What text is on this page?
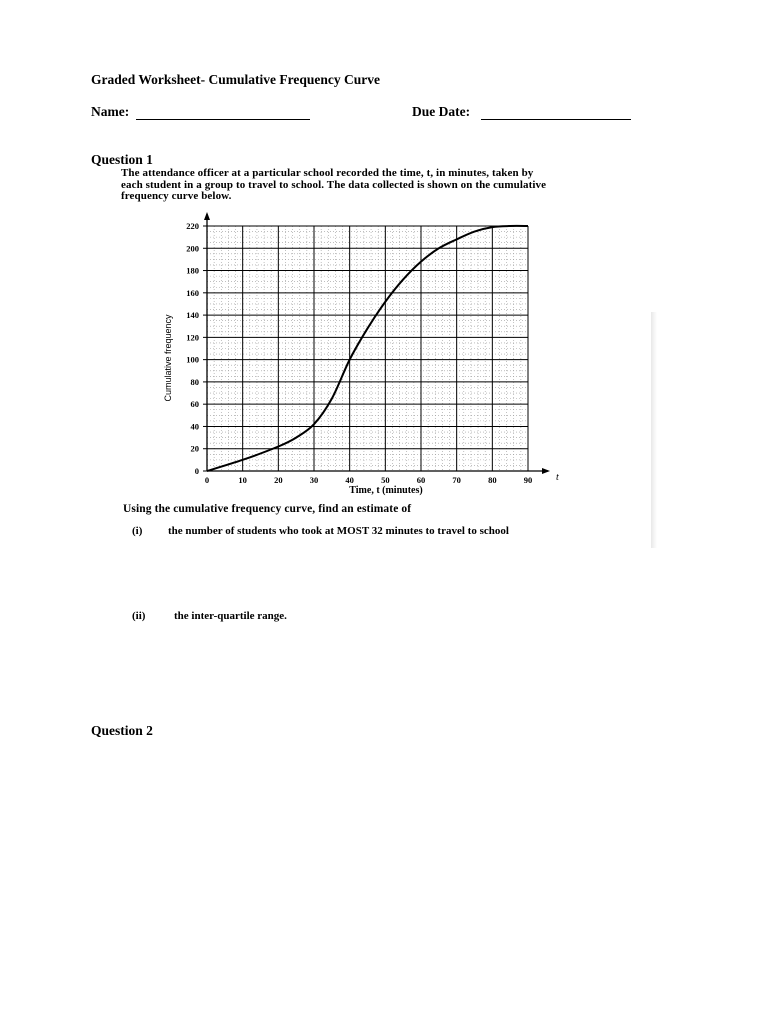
Graded Worksheet- Cumulative Frequency Curve
Name:	Due Date:
Question 1
The attendance officer at a particular school recorded the time, t, in minutes, taken by
each student in a group to travel to school. The data collected is shown on the cumulative
frequency curve below.
0
20
40
60
80
100
120
140
160
180
200
220
0	10	20	30	40	50	60	70	80	90
Cumulative frequency
Time, t (minutes)
t
Using the cumulative frequency curve, find an estimate of
(i) the number of students who took at MOST 32 minutes to travel to school
(ii)	the inter-quartile range.
Question 2
